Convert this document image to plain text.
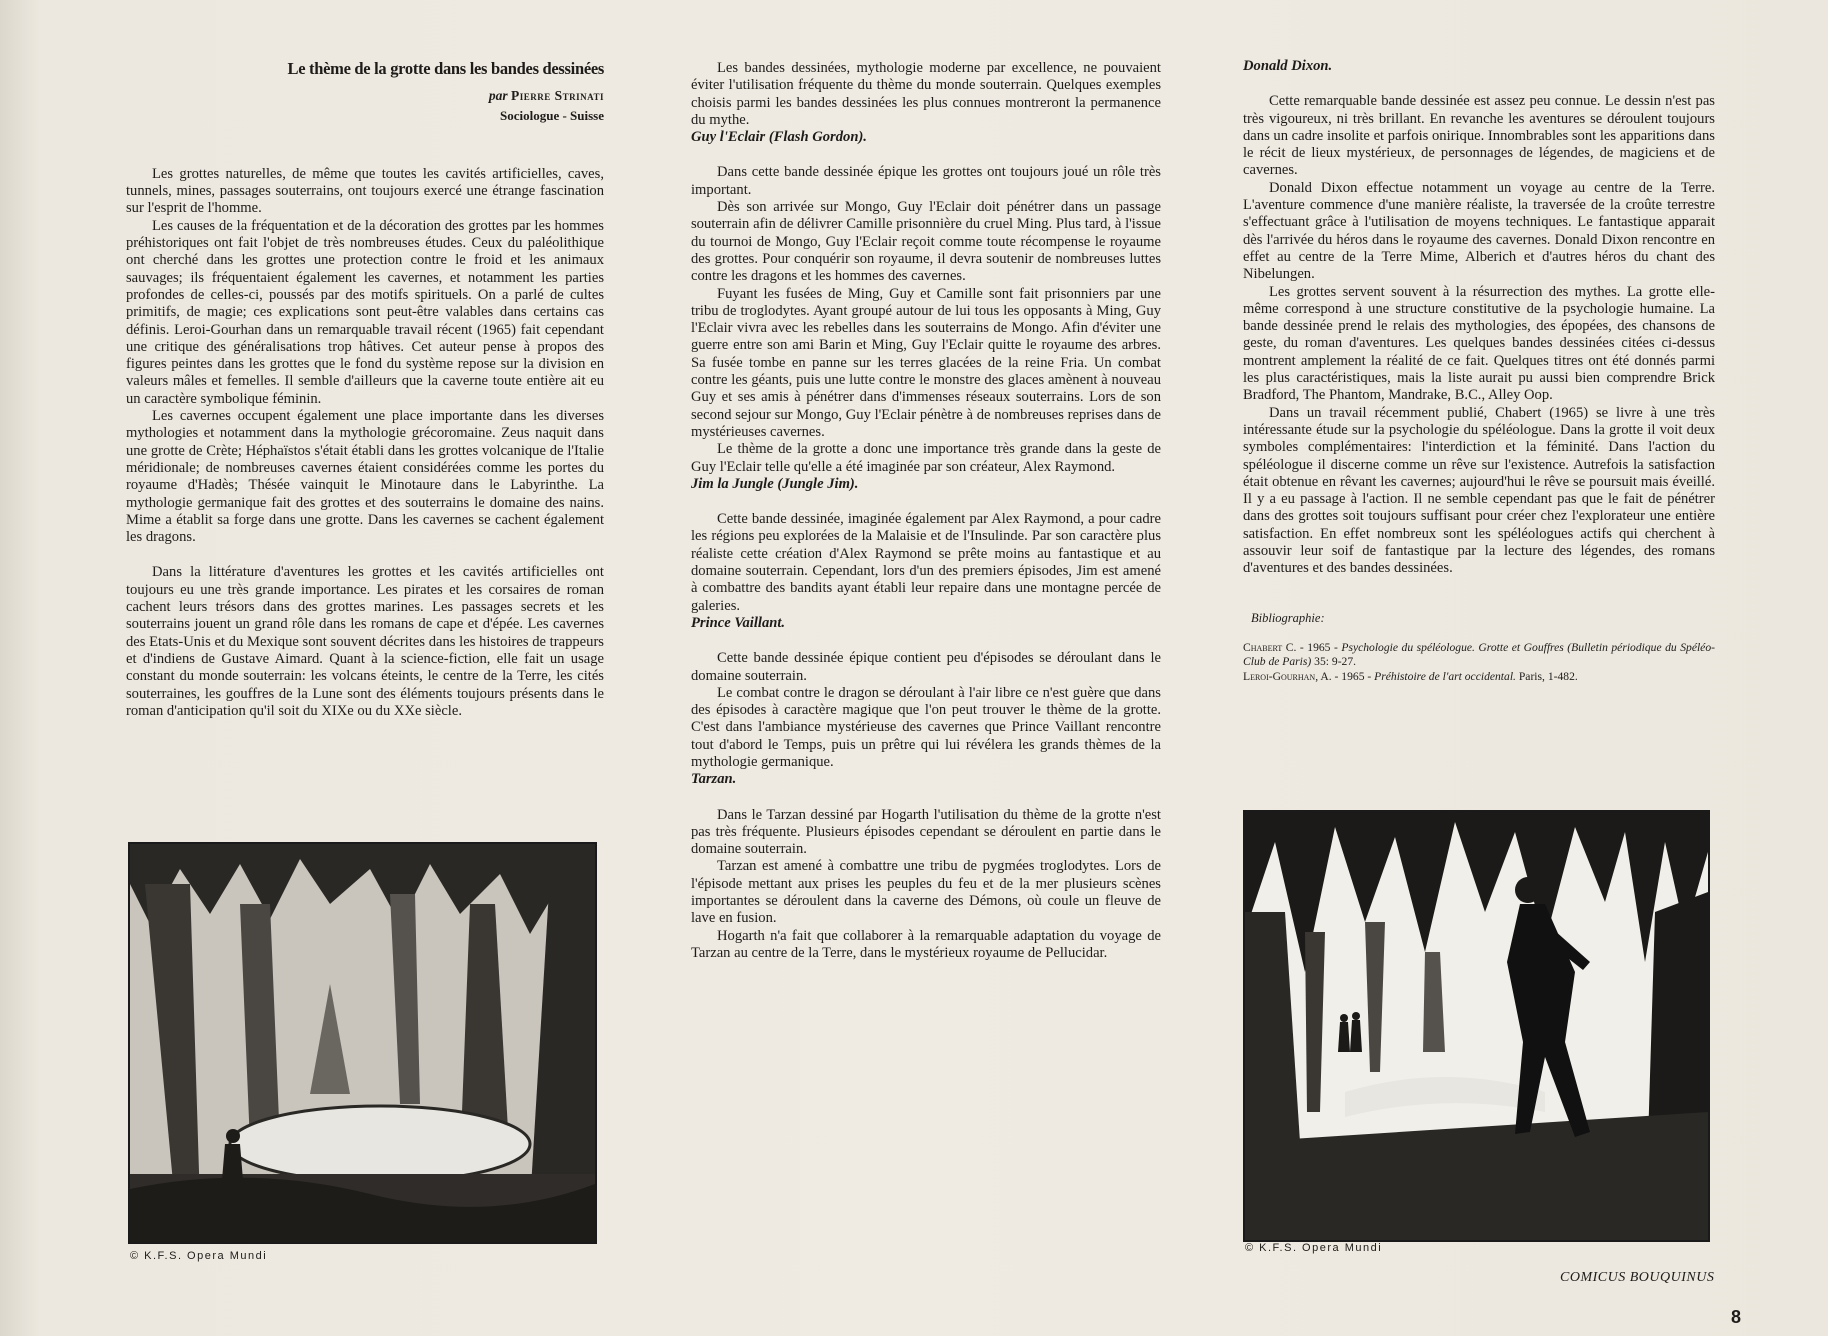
Le thème de la grotte dans les bandes dessinées
par Pierre Strinati
Sociologue - Suisse

Les grottes naturelles, de même que toutes les cavités artificielles, caves, tunnels, mines, passages souterrains, ont toujours exercé une étrange fascination sur l'esprit de l'homme.

Les causes de la fréquentation et de la décoration des grottes par les hommes préhistoriques ont fait l'objet de très nombreuses études. Ceux du paléolithique ont cherché dans les grottes une protection contre le froid et les animaux sauvages; ils fréquentaient également les cavernes, et notamment les parties profondes de celles-ci, poussés par des motifs spirituels. On a parlé de cultes primitifs, de magie; ces explications sont peut-être valables dans certains cas définis. Leroi-Gourhan dans un remarquable travail récent (1965) fait cependant une critique des généralisations trop hâtives. Cet auteur pense à propos des figures peintes dans les grottes que le fond du système repose sur la division en valeurs mâles et femelles. Il semble d'ailleurs que la caverne toute entière ait eu un caractère symbolique féminin.

Les cavernes occupent également une place importante dans les diverses mythologies et notamment dans la mythologie grécoromaine. Zeus naquit dans une grotte de Crète; Héphaïstos s'était établi dans les grottes volcanique de l'Italie méridionale; de nombreuses cavernes étaient considérées comme les portes du royaume d'Hadès; Thésée vainquit le Minotaure dans le Labyrinthe. La mythologie germanique fait des grottes et des souterrains le domaine des nains. Mime a établit sa forge dans une grotte. Dans les cavernes se cachent également les dragons.

Dans la littérature d'aventures les grottes et les cavités artificielles ont toujours eu une très grande importance. Les pirates et les corsaires de roman cachent leurs trésors dans des grottes marines. Les passages secrets et les souterrains jouent un grand rôle dans les romans de cape et d'épée. Les cavernes des Etats-Unis et du Mexique sont souvent décrites dans les histoires de trappeurs et d'indiens de Gustave Aimard. Quant à la science-fiction, elle fait un usage constant du monde souterrain: les volcans éteints, le centre de la Terre, les cités souterraines, les gouffres de la Lune sont des éléments toujours présents dans le roman d'anticipation qu'il soit du XIXe ou du XXe siècle.

Les bandes dessinées, mythologie moderne par excellence, ne pouvaient éviter l'utilisation fréquente du thème du monde souterrain. Quelques exemples choisis parmi les bandes dessinées les plus connues montreront la permanence du mythe.

Guy l'Eclair (Flash Gordon).

Dans cette bande dessinée épique les grottes ont toujours joué un rôle très important.

Dès son arrivée sur Mongo, Guy l'Eclair doit pénétrer dans un passage souterrain afin de délivrer Camille prisonnière du cruel Ming. Plus tard, à l'issue du tournoi de Mongo, Guy l'Eclair reçoit comme toute récompense le royaume des grottes. Pour conquérir son royaume, il devra soutenir de nombreuses luttes contre les dragons et les hommes des cavernes.

Fuyant les fusées de Ming, Guy et Camille sont fait prisonniers par une tribu de troglodytes. Ayant groupé autour de lui tous les opposants à Ming, Guy l'Eclair vivra avec les rebelles dans les souterrains de Mongo. Afin d'éviter une guerre entre son ami Barin et Ming, Guy l'Eclair quitte le royaume des arbres. Sa fusée tombe en panne sur les terres glacées de la reine Fria. Un combat contre les géants, puis une lutte contre le monstre des glaces amènent à nouveau Guy et ses amis à pénétrer dans d'immenses réseaux souterrains. Lors de son second sejour sur Mongo, Guy l'Eclair pénètre à de nombreuses reprises dans de mystérieuses cavernes.

Le thème de la grotte a donc une importance très grande dans la geste de Guy l'Eclair telle qu'elle a été imaginée par son créateur, Alex Raymond.

Jim la Jungle (Jungle Jim).

Cette bande dessinée, imaginée également par Alex Raymond, a pour cadre les régions peu explorées de la Malaisie et de l'Insulinde. Par son caractère plus réaliste cette création d'Alex Raymond se prête moins au fantastique et au domaine souterrain. Cependant, lors d'un des premiers épisodes, Jim est amené à combattre des bandits ayant établi leur repaire dans une montagne percée de galeries.

Prince Vaillant.

Cette bande dessinée épique contient peu d'épisodes se déroulant dans le domaine souterrain.

Le combat contre le dragon se déroulant à l'air libre ce n'est guère que dans des épisodes à caractère magique que l'on peut trouver le thème de la grotte. C'est dans l'ambiance mystérieuse des cavernes que Prince Vaillant rencontre tout d'abord le Temps, puis un prêtre qui lui révélera les grands thèmes de la mythologie germanique.

Tarzan.

Dans le Tarzan dessiné par Hogarth l'utilisation du thème de la grotte n'est pas très fréquente. Plusieurs épisodes cependant se déroulent en partie dans le domaine souterrain.

Tarzan est amené à combattre une tribu de pygmées troglodytes. Lors de l'épisode mettant aux prises les peuples du feu et de la mer plusieurs scènes importantes se déroulent dans la caverne des Démons, où coule un fleuve de lave en fusion.

Hogarth n'a fait que collaborer à la remarquable adaptation du voyage de Tarzan au centre de la Terre, dans le mystérieux royaume de Pellucidar.

Donald Dixon.

Cette remarquable bande dessinée est assez peu connue. Le dessin n'est pas très vigoureux, ni très brillant. En revanche les aventures se déroulent toujours dans un cadre insolite et parfois onirique. Innombrables sont les apparitions dans le récit de lieux mystérieux, de personnages de légendes, de magiciens et de cavernes.

Donald Dixon effectue notamment un voyage au centre de la Terre. L'aventure commence d'une manière réaliste, la traversée de la croûte terrestre s'effectuant grâce à l'utilisation de moyens techniques. Le fantastique apparait dès l'arrivée du héros dans le royaume des cavernes. Donald Dixon rencontre en effet au centre de la Terre Mime, Alberich et d'autres héros du chant des Nibelungen.

Les grottes servent souvent à la résurrection des mythes. La grotte elle-même correspond à une structure constitutive de la psychologie humaine. La bande dessinée prend le relais des mythologies, des épopées, des chansons de geste, du roman d'aventures. Les quelques bandes dessinées citées ci-dessus montrent amplement la réalité de ce fait. Quelques titres ont été donnés parmi les plus caractéristiques, mais la liste aurait pu aussi bien comprendre Brick Bradford, The Phantom, Mandrake, B.C., Alley Oop.

Dans un travail récemment publié, Chabert (1965) se livre à une très intéressante étude sur la psychologie du spéléologue. Dans la grotte il voit deux symboles complémentaires: l'interdiction et la féminité. Dans l'action du spéléologue il discerne comme un rêve sur l'existence. Autrefois la satisfaction était obtenue en rêvant les cavernes; aujourd'hui le rêve se poursuit mais éveillé. Il y a eu passage à l'action. Il ne semble cependant pas que le fait de pénétrer dans des grottes soit toujours suffisant pour créer chez l'explorateur une entière satisfaction. En effet nombreux sont les spéléologues actifs qui cherchent à assouvir leur soif de fantastique par la lecture des légendes, des romans d'aventures et des bandes dessinées.

Bibliographie:
Chabert C. - 1965 - Psychologie du spéléologue. Grotte et Gouffres (Bulletin périodique du Spéléo-Club de Paris) 35: 9-27.
Leroi-Gourhan, A. - 1965 - Préhistoire de l'art occidental. Paris, 1-482.
© K.F.S. Opera Mundi
© K.F.S. Opera Mundi
COMICUS BOUQUINUS
8
